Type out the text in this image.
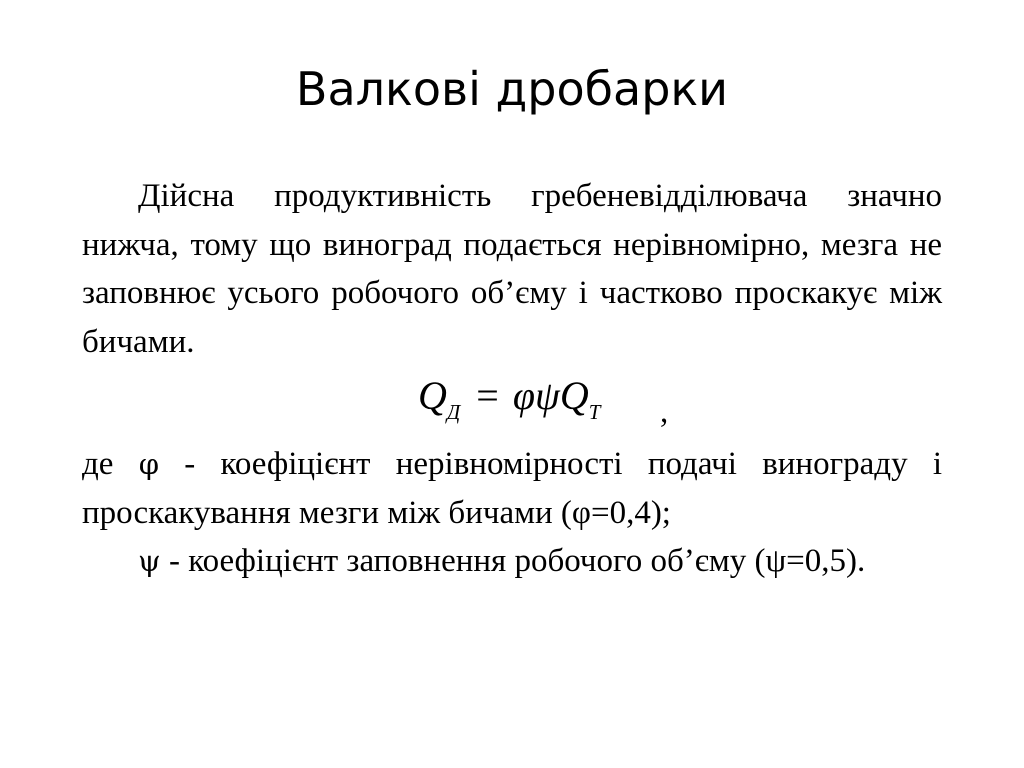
Валкові дробарки

Дійсна продуктивність гребеневідділювача значно нижча, тому що виноград подається нерівномірно, мезга не заповнює усього робочого об’єму і частково проскакує між бичами.

$Q_Д = \varphi\psi Q_Т$ ,

де φ - коефіцієнт нерівномірності подачі винограду і проскакування мезги між бичами (φ=0,4);

ψ - коефіцієнт заповнення робочого об’єму (ψ=0,5).
